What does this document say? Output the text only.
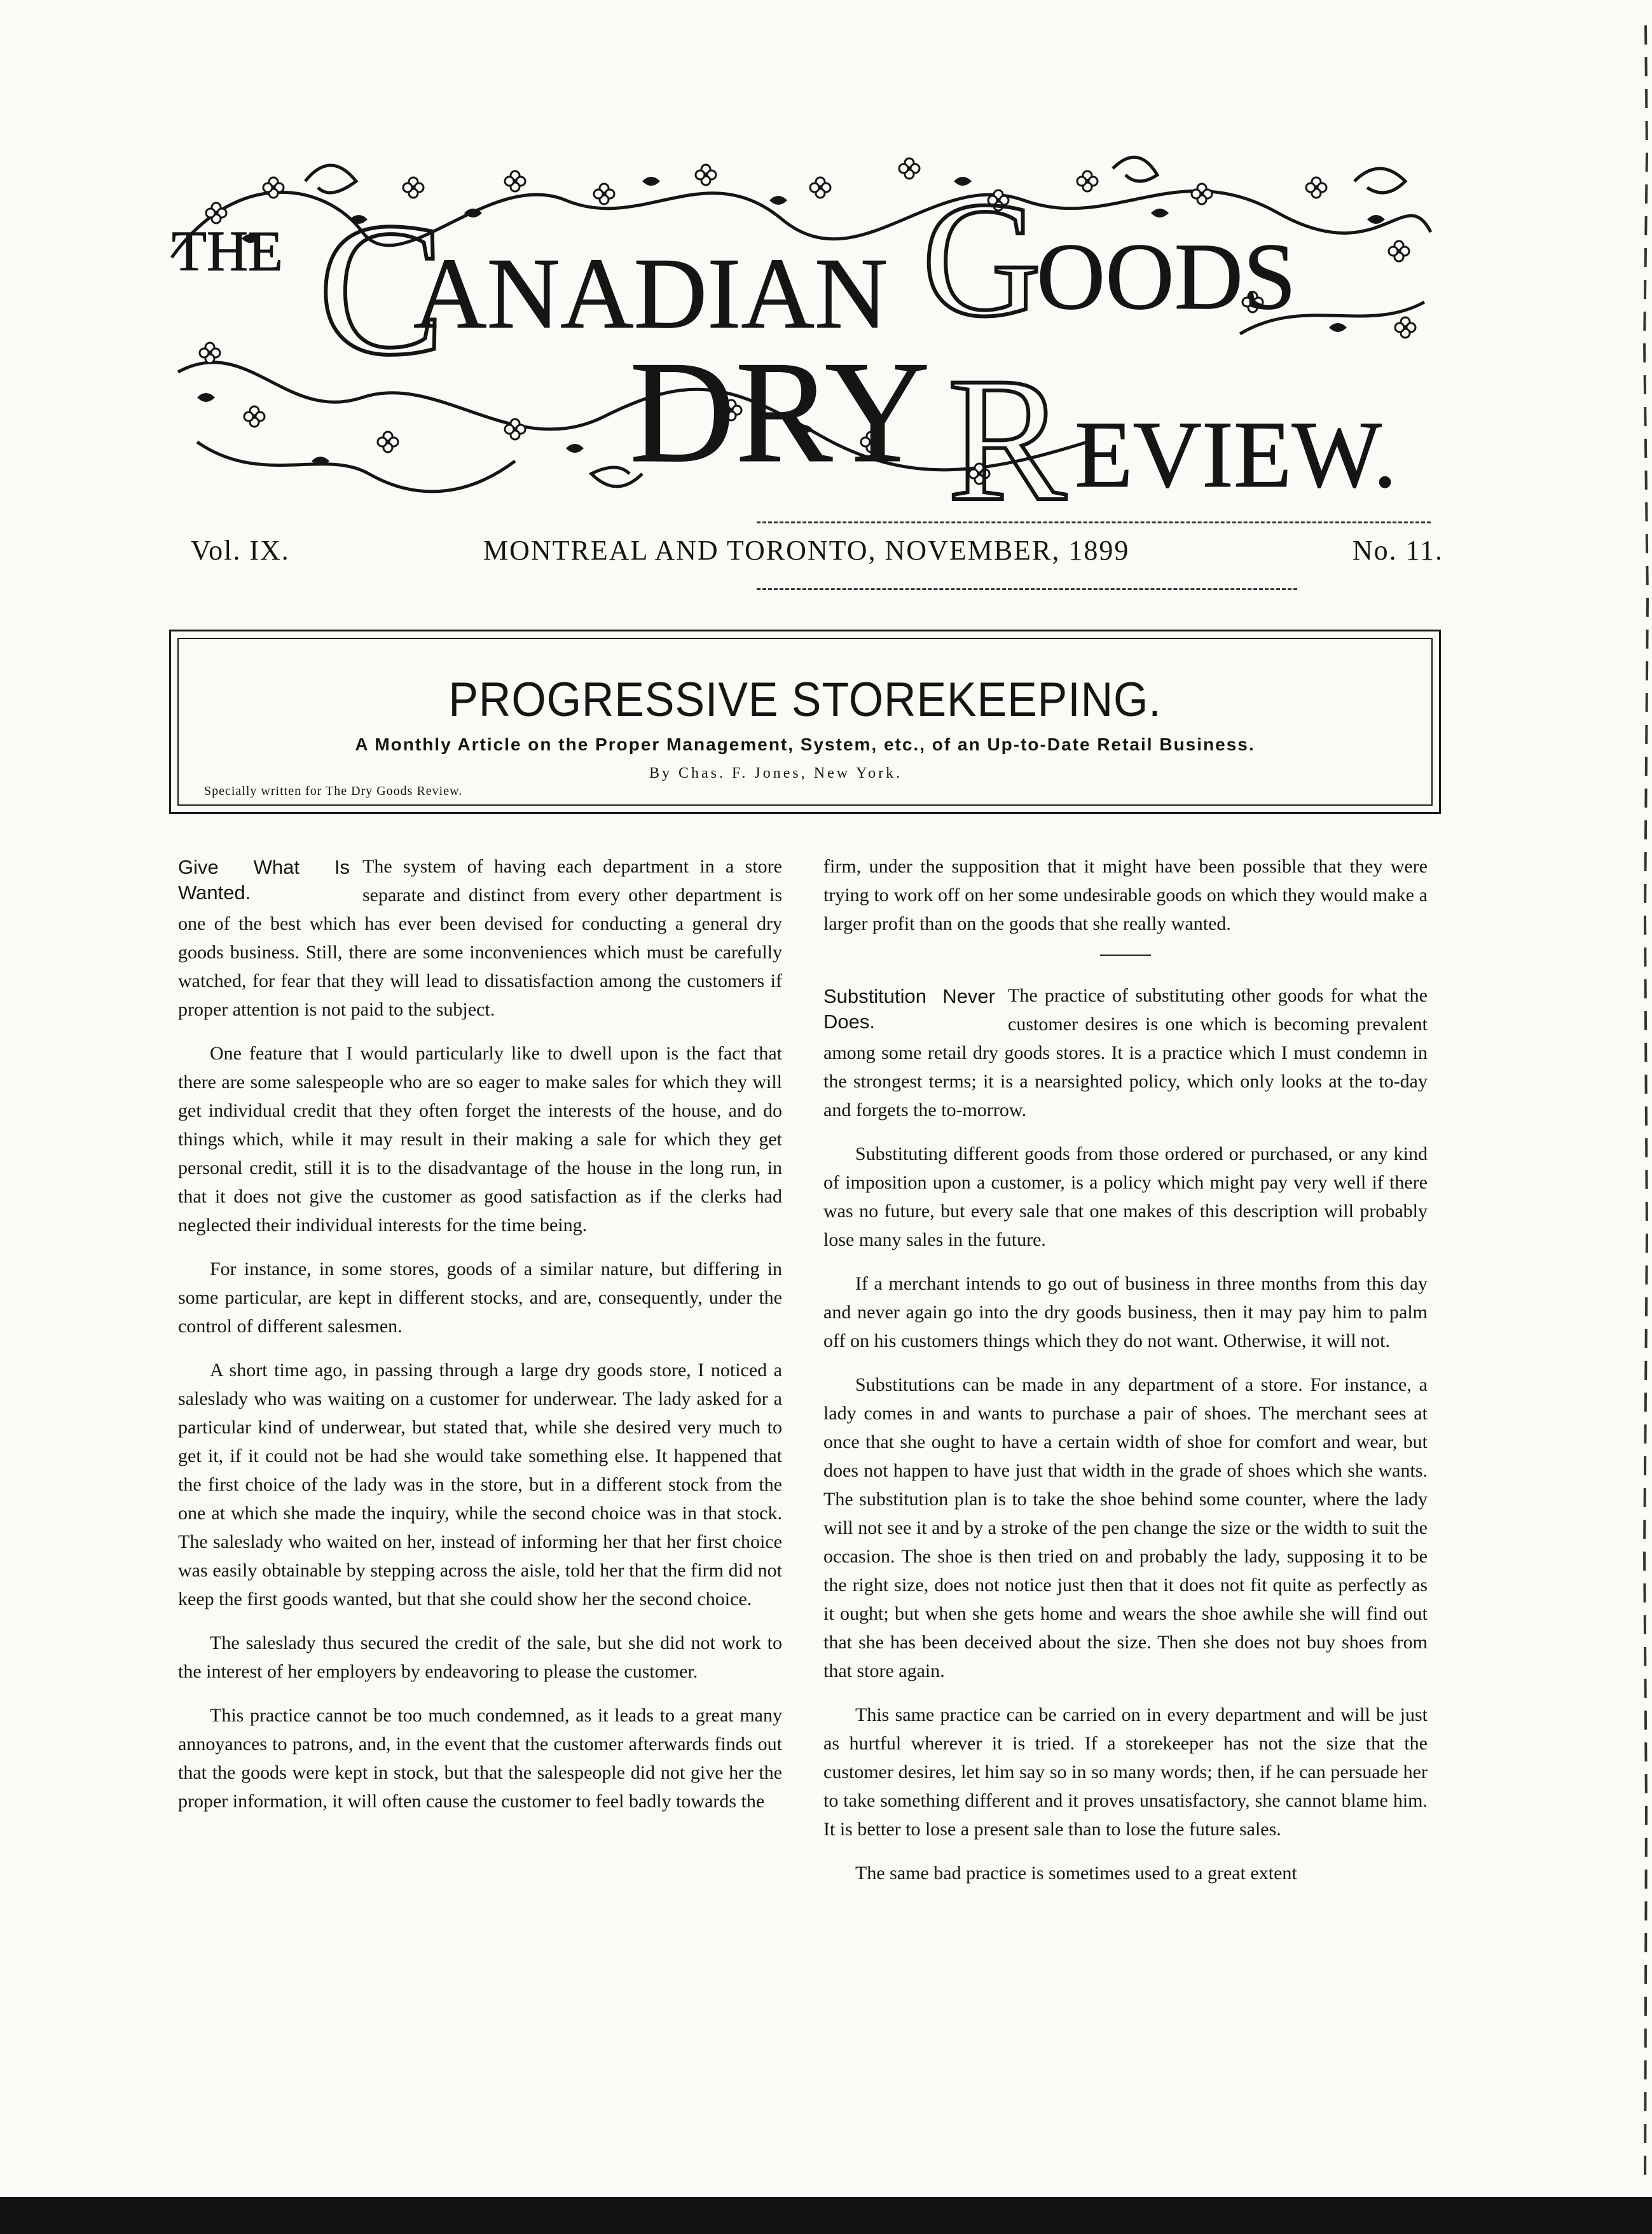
THE C
ANADIAN G
OODS
DRY R EVIEW.
Vol. IX.	MONTREAL AND TORONTO, NOVEMBER, 1899	No. 11.
PROGRESSIVE STOREKEEPING.
A Monthly Article on the Proper Management, System, etc., of an Up-to-Date Retail Business.
By Chas. F. Jones, New York.
Specially written for The Dry Goods Review.

Give What Is Wanted.
The system of having each department in a store separate and distinct from every other department is one of the best which has ever been devised for conducting a general dry goods business. Still, there are some inconveniences which must be carefully watched, for fear that they will lead to dissatisfaction among the customers if proper attention is not paid to the subject.

One feature that I would particularly like to dwell upon is the fact that there are some salespeople who are so eager to make sales for which they will get individual credit that they often forget the interests of the house, and do things which, while it may result in their making a sale for which they get personal credit, still it is to the disadvantage of the house in the long run, in that it does not give the customer as good satisfaction as if the clerks had neglected their individual interests for the time being.

For instance, in some stores, goods of a similar nature, but differing in some particular, are kept in different stocks, and are, consequently, under the control of different salesmen.

A short time ago, in passing through a large dry goods store, I noticed a saleslady who was waiting on a customer for underwear. The lady asked for a particular kind of underwear, but stated that, while she desired very much to get it, if it could not be had she would take something else. It happened that the first choice of the lady was in the store, but in a different stock from the one at which she made the inquiry, while the second choice was in that stock. The saleslady who waited on her, instead of informing her that her first choice was easily obtainable by stepping across the aisle, told her that the firm did not keep the first goods wanted, but that she could show her the second choice.

The saleslady thus secured the credit of the sale, but she did not work to the interest of her employers by endeavoring to please the customer.

This practice cannot be too much condemned, as it leads to a great many annoyances to patrons, and, in the event that the customer afterwards finds out that the goods were kept in stock, but that the salespeople did not give her the proper information, it will often cause the customer to feel badly towards the

firm, under the supposition that it might have been possible that they were trying to work off on her some undesirable goods on which they would make a larger profit than on the goods that she really wanted.

Substitution Never Does.
The practice of substituting other goods for what the customer desires is one which is becoming prevalent among some retail dry goods stores. It is a practice which I must condemn in the strongest terms; it is a nearsighted policy, which only looks at the to-day and forgets the to-morrow.

Substituting different goods from those ordered or purchased, or any kind of imposition upon a customer, is a policy which might pay very well if there was no future, but every sale that one makes of this description will probably lose many sales in the future.

If a merchant intends to go out of business in three months from this day and never again go into the dry goods business, then it may pay him to palm off on his customers things which they do not want. Otherwise, it will not.

Substitutions can be made in any department of a store. For instance, a lady comes in and wants to purchase a pair of shoes. The merchant sees at once that she ought to have a certain width of shoe for comfort and wear, but does not happen to have just that width in the grade of shoes which she wants. The substitution plan is to take the shoe behind some counter, where the lady will not see it and by a stroke of the pen change the size or the width to suit the occasion. The shoe is then tried on and probably the lady, supposing it to be the right size, does not notice just then that it does not fit quite as perfectly as it ought; but when she gets home and wears the shoe awhile she will find out that she has been deceived about the size. Then she does not buy shoes from that store again.

This same practice can be carried on in every department and will be just as hurtful wherever it is tried. If a storekeeper has not the size that the customer desires, let him say so in so many words; then, if he can persuade her to take something different and it proves unsatisfactory, she cannot blame him. It is better to lose a present sale than to lose the future sales.

The same bad practice is sometimes used to a great extent
